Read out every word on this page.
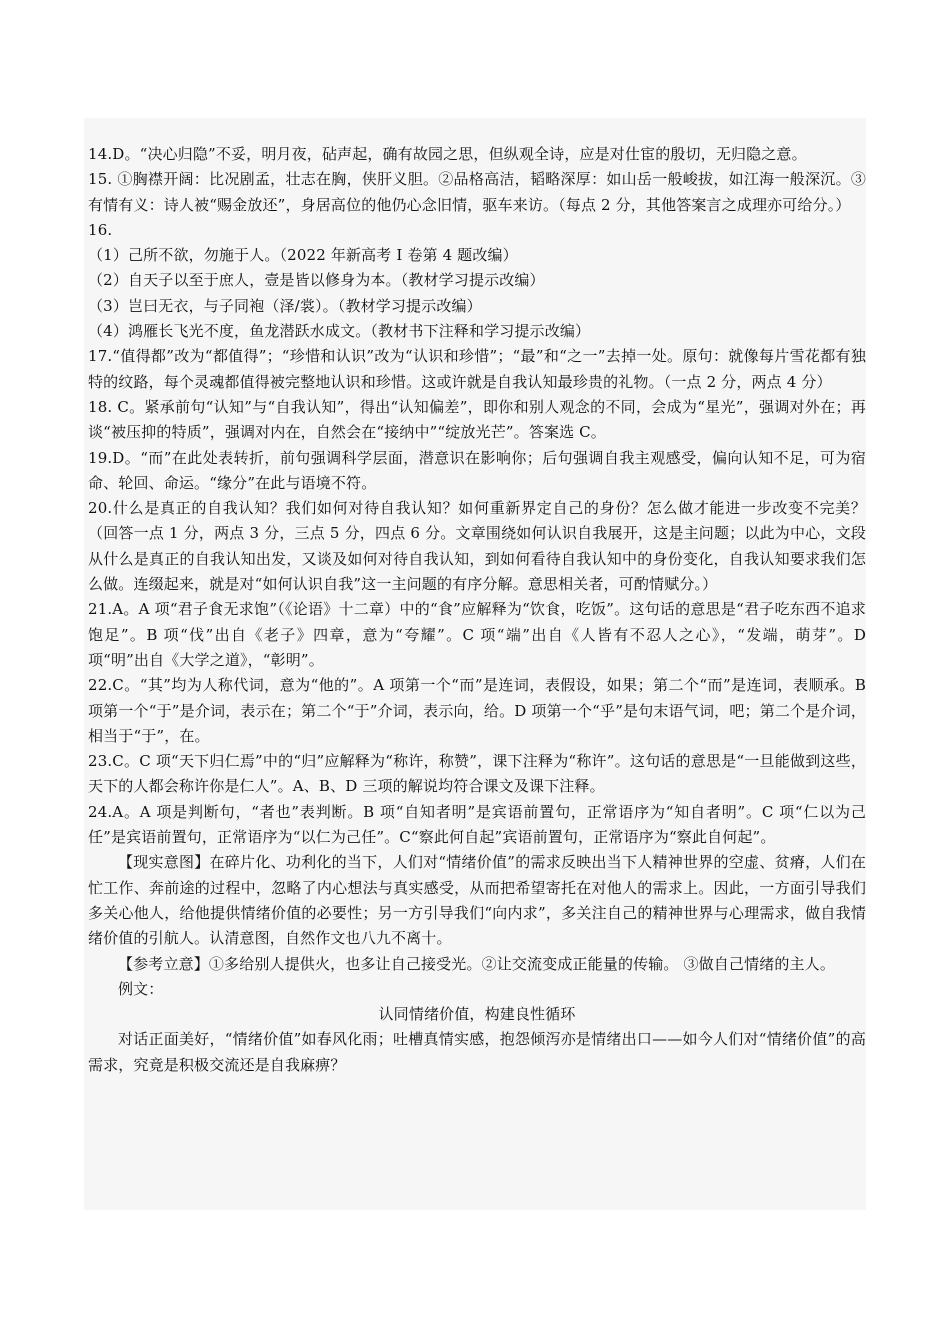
14.D。“决心归隐”不妥，明月夜，砧声起，确有故园之思，但纵观全诗，应是对仕宦的殷切，无归隐之意。

15. ①胸襟开阔：比况剧孟，壮志在胸，侠肝义胆。②品格高洁，韬略深厚：如山岳一般峻拔，如江海一般深沉。③有情有义：诗人被“赐金放还”，身居高位的他仍心念旧情，驱车来访。（每点 2 分，其他答案言之成理亦可给分。）

16.

（1）己所不欲，勿施于人。（2022 年新高考 I 卷第 4 题改编）

（2）自天子以至于庶人，壹是皆以修身为本。（教材学习提示改编）

（3）岂曰无衣，与子同袍（泽/裳）。（教材学习提示改编）

（4）鸿雁长飞光不度，鱼龙潜跃水成文。（教材书下注释和学习提示改编）

17.“值得都”改为“都值得”；“珍惜和认识”改为“认识和珍惜”；“最”和“之一”去掉一处。原句：就像每片雪花都有独特的纹路，每个灵魂都值得被完整地认识和珍惜。这或许就是自我认知最珍贵的礼物。（一点 2 分，两点 4 分）

18. C。紧承前句“认知”与“自我认知”，得出“认知偏差”，即你和别人观念的不同，会成为“星光”，强调对外在；再谈“被压抑的特质”，强调对内在，自然会在“接纳中”“绽放光芒”。答案选 C。

19.D。“而”在此处表转折，前句强调科学层面，潜意识在影响你；后句强调自我主观感受，偏向认知不足，可为宿命、轮回、命运。“缘分”在此与语境不符。

20.什么是真正的自我认知？我们如何对待自我认知？如何重新界定自己的身份？怎么做才能进一步改变不完美？（回答一点 1 分，两点 3 分，三点 5 分，四点 6 分。文章围绕如何认识自我展开，这是主问题；以此为中心，文段从什么是真正的自我认知出发，又谈及如何对待自我认知，到如何看待自我认知中的身份变化，自我认知要求我们怎么做。连缀起来，就是对“如何认识自我”这一主问题的有序分解。意思相关者，可酌情赋分。）

21.A。A 项“君子食无求饱”（《论语》十二章）中的“食”应解释为“饮食，吃饭”。这句话的意思是“君子吃东西不追求饱足”。B 项“伐”出自《老子》四章，意为“夸耀”。C 项“端”出自《人皆有不忍人之心》，“发端，萌芽”。D 项“明”出自《大学之道》，“彰明”。

22.C。“其”均为人称代词，意为“他的”。A 项第一个“而”是连词，表假设，如果；第二个“而”是连词，表顺承。B 项第一个“于”是介词，表示在；第二个“于”介词，表示向，给。D 项第一个“乎”是句末语气词，吧；第二个是介词，相当于“于”，在。

23.C。C 项“天下归仁焉”中的“归”应解释为“称许，称赞”，课下注释为“称许”。这句话的意思是“一旦能做到这些，天下的人都会称许你是仁人”。A、B、D 三项的解说均符合课文及课下注释。

24.A。A 项是判断句，“者也”表判断。B 项“自知者明”是宾语前置句，正常语序为“知自者明”。C 项“仁以为己任”是宾语前置句，正常语序为“以仁为己任”。C“察此何自起”宾语前置句，正常语序为“察此自何起”。

【现实意图】在碎片化、功利化的当下，人们对“情绪价值”的需求反映出当下人精神世界的空虚、贫瘠，人们在忙工作、奔前途的过程中，忽略了内心想法与真实感受，从而把希望寄托在对他人的需求上。因此，一方面引导我们多关心他人，给他提供情绪价值的必要性；另一方引导我们“向内求”，多关注自己的精神世界与心理需求，做自我情绪价值的引航人。认清意图，自然作文也八九不离十。

【参考立意】①多给别人提供火，也多让自己接受光。②让交流变成正能量的传输。 ③做自己情绪的主人。

例文：

认同情绪价值，构建良性循环

对话正面美好，“情绪价值”如春风化雨；吐槽真情实感，抱怨倾泻亦是情绪出口——如今人们对“情绪价值”的高需求，究竟是积极交流还是自我麻痹？
